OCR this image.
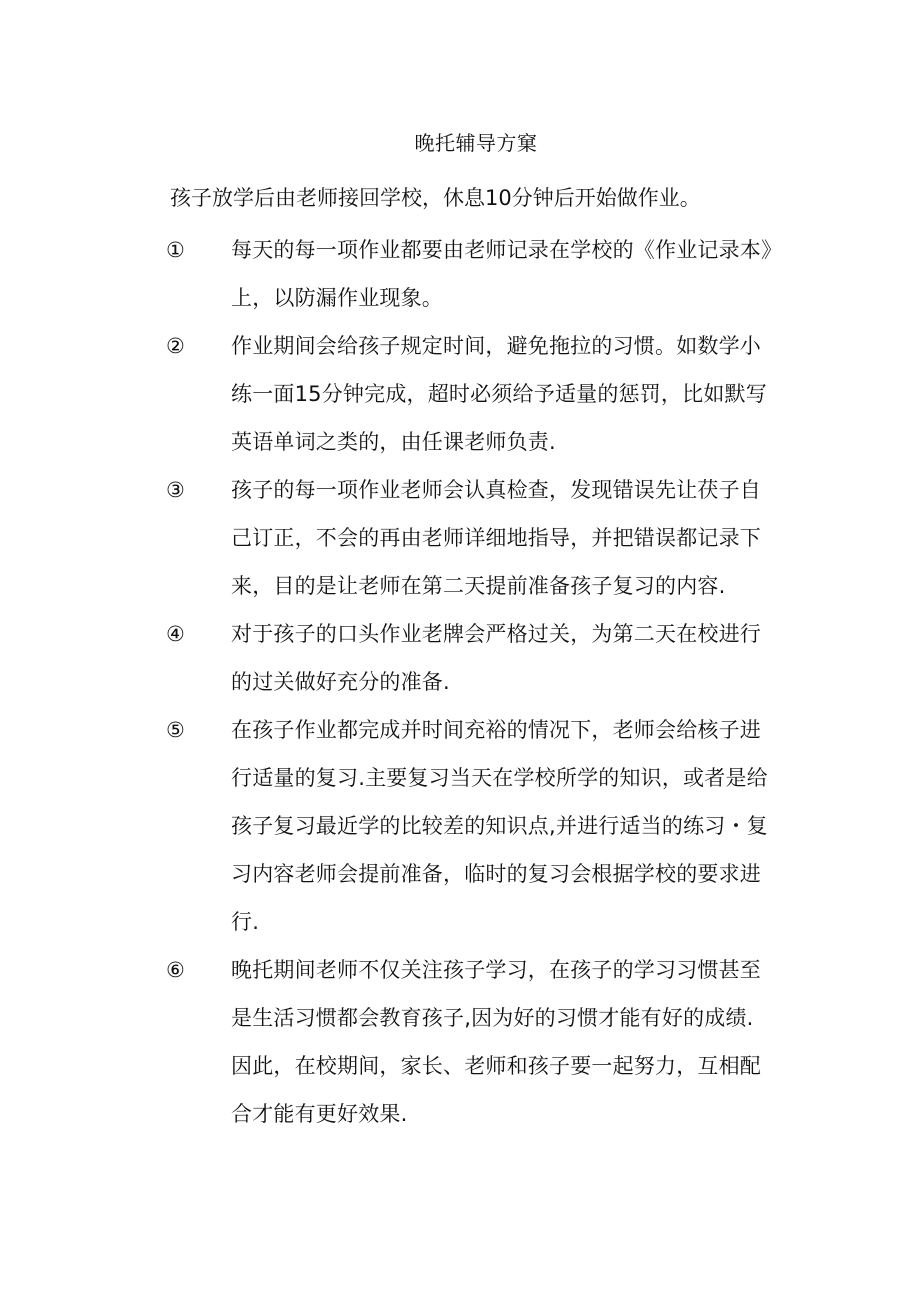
晚托辅导方窠
孩子放学后由老师接回学校，休息10分钟后开始做作业。
①	每天的每一项作业都要由老师记录在学校的《作业记录本》
上，以防漏作业现象。
②	作业期间会给孩子规定时间，避免拖拉的习惯。如数学小
练一面15分钟完成，超时必须给予适量的惩罚，比如默写
英语单词之类的，由任课老师负责.
③	孩子的每一项作业老师会认真检查，发现错误先让茯子自
己订正，不会的再由老师详细地指导，并把错误都记录下
来，目的是让老师在第二天提前准备孩子复习的内容.
④	对于孩子的口头作业老牌会严格过关，为第二天在校进行
的过关做好充分的准备.
⑤	在孩子作业都完成并时间充裕的情况下，老师会给核子进
行适量的复习.主要复习当天在学校所学的知识，或者是给
孩子复习最近学的比较差的知识点,并进行适当的练习・复
习内容老师会提前准备，临时的复习会根据学校的要求进
行.
⑥	晚托期间老师不仅关注孩子学习，在孩子的学习习惯甚至
是生活习惯都会教育孩子,因为好的习惯才能有好的成绩.
因此，在校期间，家长、老师和孩子要一起努力，互相配
合才能有更好效果.
